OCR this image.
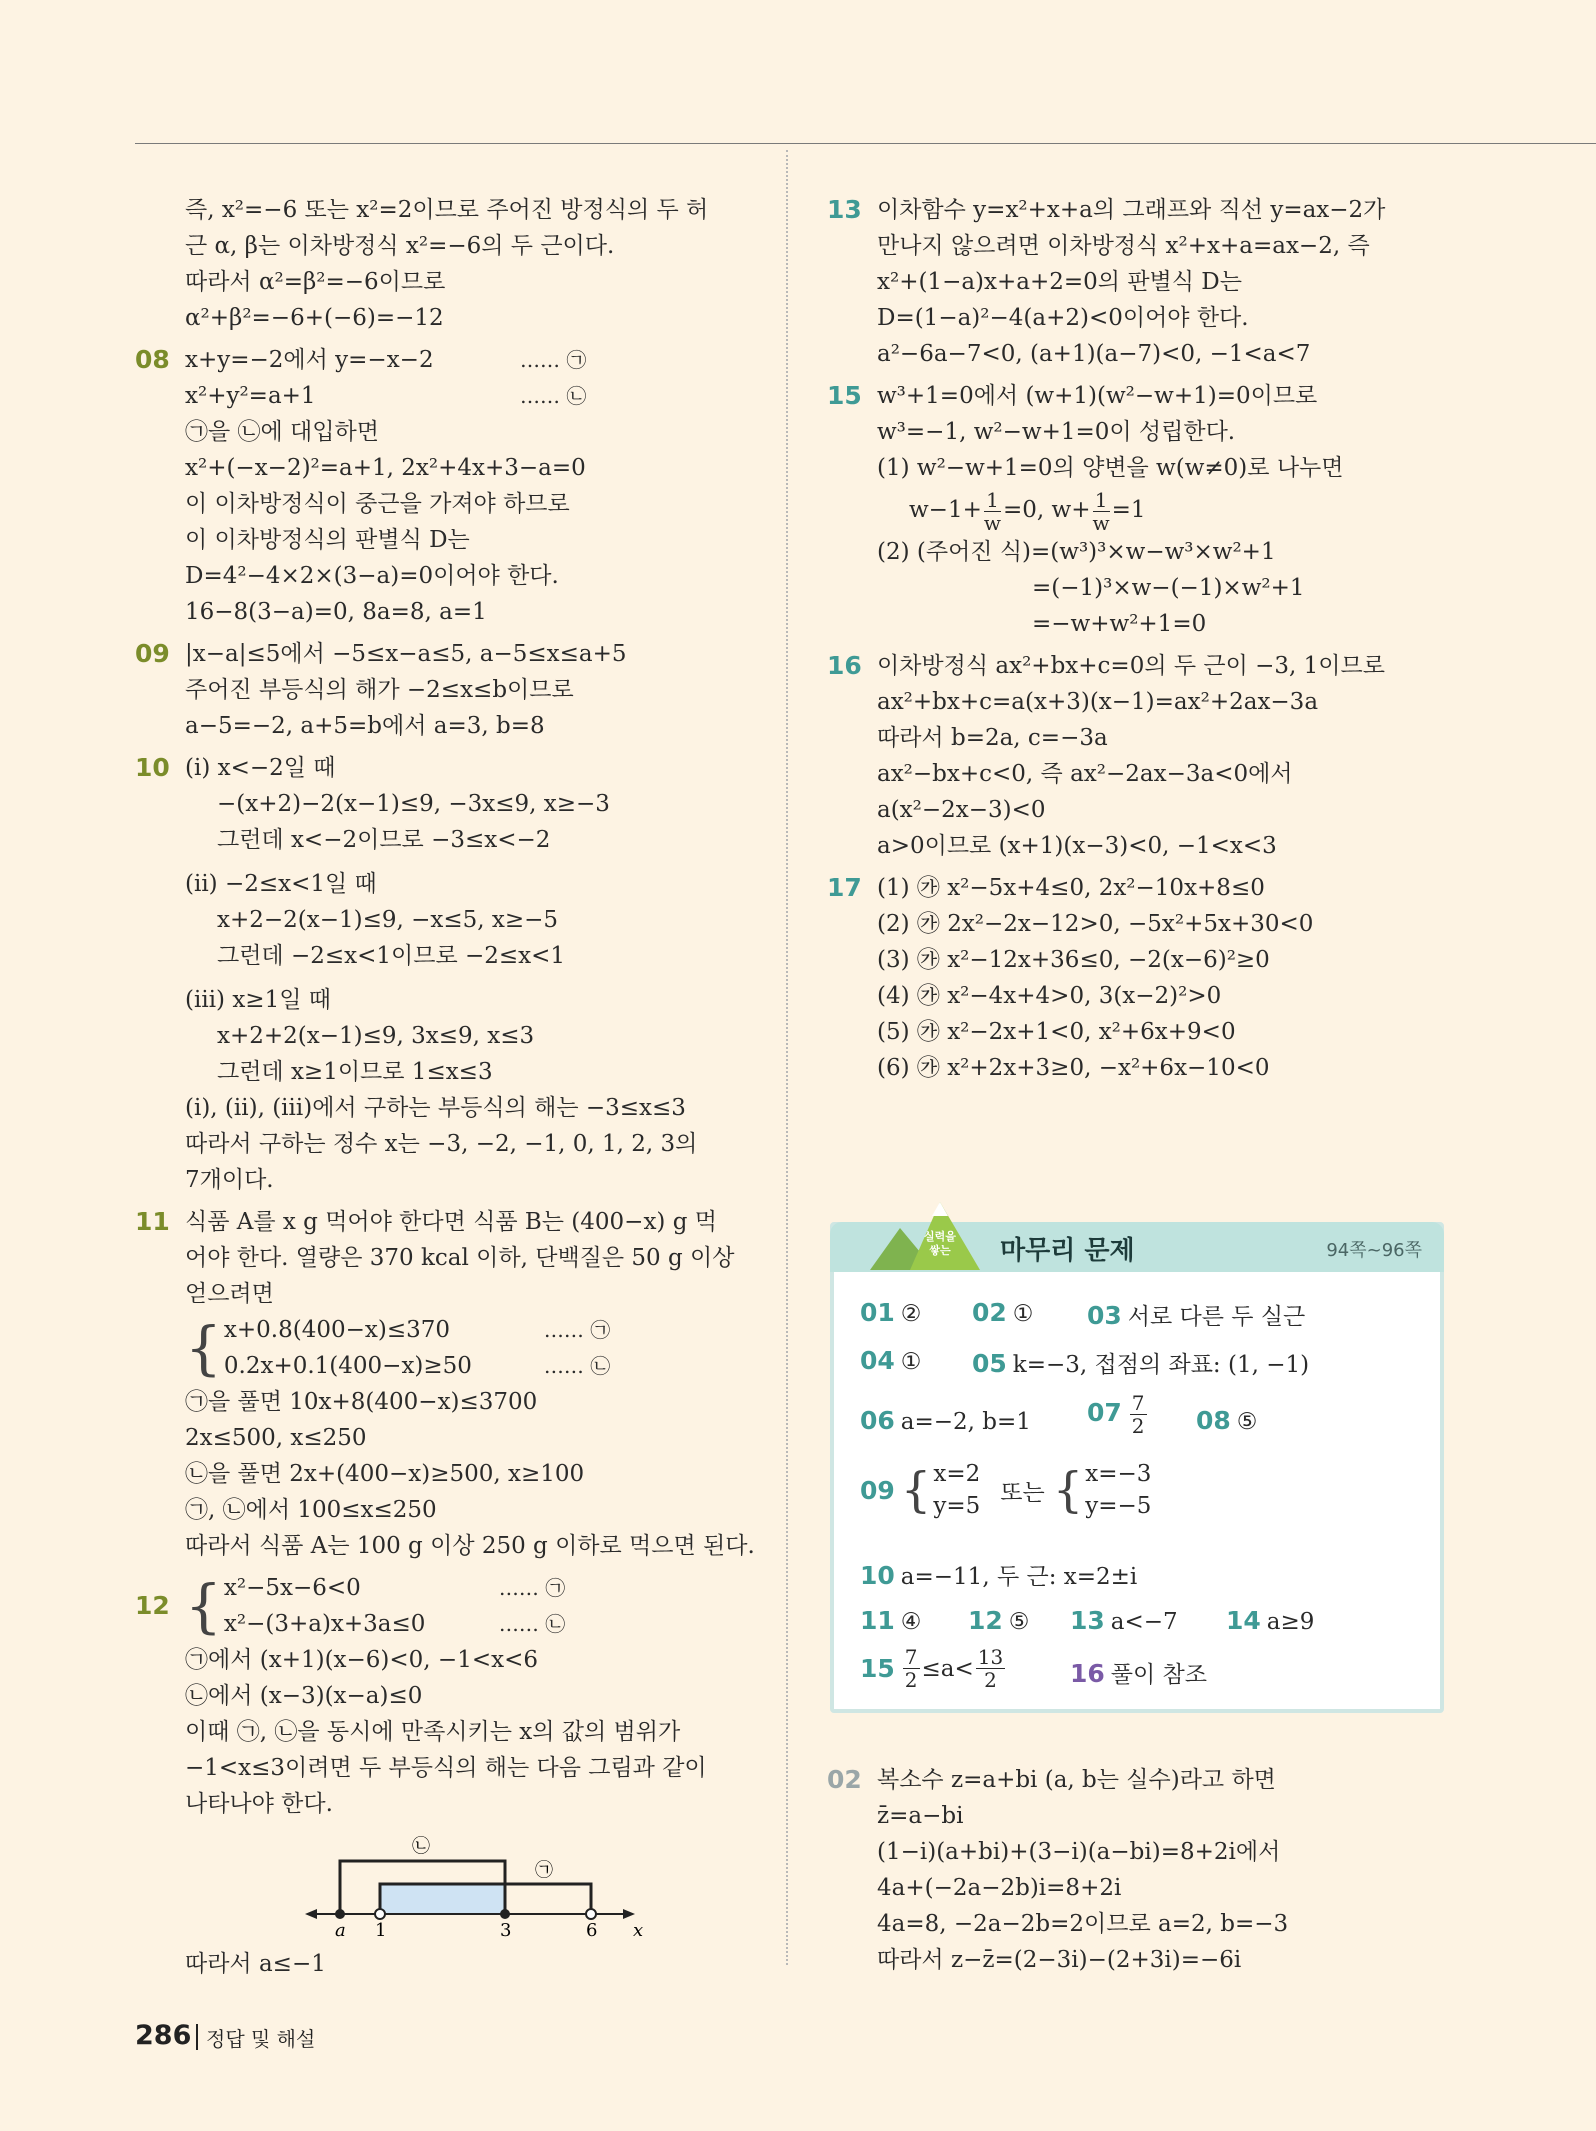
즉, x²=−6 또는 x²=2이므로 주어진 방정식의 두 허
근 α, β는 이차방정식 x²=−6의 두 근이다.
따라서 α²=β²=−6이므로
α²+β²=−6+(−6)=−12
08 x+y=−2에서 y=−x−2	…… ㉠
x²+y²=a+1	…… ㉡
㉠을 ㉡에 대입하면
x²+(−x−2)²=a+1, 2x²+4x+3−a=0
이 이차방정식이 중근을 가져야 하므로
이 이차방정식의 판별식 D는
D=4²−4×2×(3−a)=0이어야 한다.
16−8(3−a)=0, 8a=8, a=1
09 |x−a|≤5에서 −5≤x−a≤5, a−5≤x≤a+5
주어진 부등식의 해가 −2≤x≤b이므로
a−5=−2, a+5=b에서 a=3, b=8
10 (ⅰ) x<−2일 때
−(x+2)−2(x−1)≤9, −3x≤9, x≥−3
그런데 x<−2이므로 −3≤x<−2
(ⅱ) −2≤x<1일 때
x+2−2(x−1)≤9, −x≤5, x≥−5
그런데 −2≤x<1이므로 −2≤x<1
(ⅲ) x≥1일 때
x+2+2(x−1)≤9, 3x≤9, x≤3
그런데 x≥1이므로 1≤x≤3
(ⅰ), (ⅱ), (ⅲ)에서 구하는 부등식의 해는 −3≤x≤3
따라서 구하는 정수 x는 −3, −2, −1, 0, 1, 2, 3의
7개이다.
11 식품 A를 x g 먹어야 한다면 식품 B는 (400−x) g 먹
어야 한다. 열량은 370 kcal 이하, 단백질은 50 g 이상
얻으려면
{ x+0.8(400−x)≤370	…… ㉠
0.2x+0.1(400−x)≥50	…… ㉡
㉠을 풀면 10x+8(400−x)≤3700
2x≤500, x≤250
㉡을 풀면 2x+(400−x)≥500, x≥100
㉠, ㉡에서 100≤x≤250
따라서 식품 A는 100 g 이상 250 g 이하로 먹으면 된다.
12 { x²−5x−6<0	…… ㉠
x²−(3+a)x+3a≤0	…… ㉡
㉠에서 (x+1)(x−6)<0, −1<x<6
㉡에서 (x−3)(x−a)≤0
이때 ㉠, ㉡을 동시에 만족시키는 x의 값의 범위가
−1<x≤3이려면 두 부등식의 해는 다음 그림과 같이
나타나야 한다.
a 1	3	6 x
㉡
㉠
따라서 a≤−1
13 이차함수 y=x²+x+a의 그래프와 직선 y=ax−2가
만나지 않으려면 이차방정식 x²+x+a=ax−2, 즉
x²+(1−a)x+a+2=0의 판별식 D는
D=(1−a)²−4(a+2)<0이어야 한다.
a²−6a−7<0, (a+1)(a−7)<0, −1<a<7
15 w³+1=0에서 (w+1)(w²−w+1)=0이므로
w³=−1, w²−w+1=0이 성립한다.
(1) w²−w+1=0의 양변을 w(w≠0)로 나누면
$w-1+ \frac{1}{w} =0$, $w+ \frac{1}{w} =1$
(2) (주어진 식)=(w³)³×w−w³×w²+1
=(−1)³×w−(−1)×w²+1
=−w+w²+1=0
16 이차방정식 ax²+bx+c=0의 두 근이 −3, 1이므로
ax²+bx+c=a(x+3)(x−1)=ax²+2ax−3a
따라서 b=2a, c=−3a
ax²−bx+c<0, 즉 ax²−2ax−3a<0에서
a(x²−2x−3)<0
a>0이므로 (x+1)(x−3)<0, −1<x<3
17 (1) ㉮ x²−5x+4≤0, 2x²−10x+8≤0
(2) ㉮ 2x²−2x−12>0, −5x²+5x+30<0
(3) ㉮ x²−12x+36≤0, −2(x−6)²≥0
(4) ㉮ x²−4x+4>0, 3(x−2)²>0
(5) ㉮ x²−2x+1<0, x²+6x+9<0
(6) ㉮ x²+2x+3≥0, −x²+6x−10<0
실력을
쌓는 마무리 문제	94쪽~96쪽
01 ② 02 ① 03 서로 다른 두 실근
04 ① 05 k=−3, 접점의 좌표: (1, −1)
06 a=−2, b=1 $07 \frac{7}{2} 08$ ⑤
09 { x=2
y=5
또는 { x=−3
y=−5
10 a=−11, 두 근: x=2±i
11 ④ 12 ⑤ 13 a<−7 14 a≥9
$15 \frac{7}{2} \le a< \frac{13}{2}$	16 풀이 참조
02 복소수 z=a+bi (a, b는 실수)라고 하면
z̄=a−bi
(1−i)(a+bi)+(3−i)(a−bi)=8+2i에서
4a+(−2a−2b)i=8+2i
4a=8, −2a−2b=2이므로 a=2, b=−3
따라서 z−z̄=(2−3i)−(2+3i)=−6i
286 정답 및 해설
